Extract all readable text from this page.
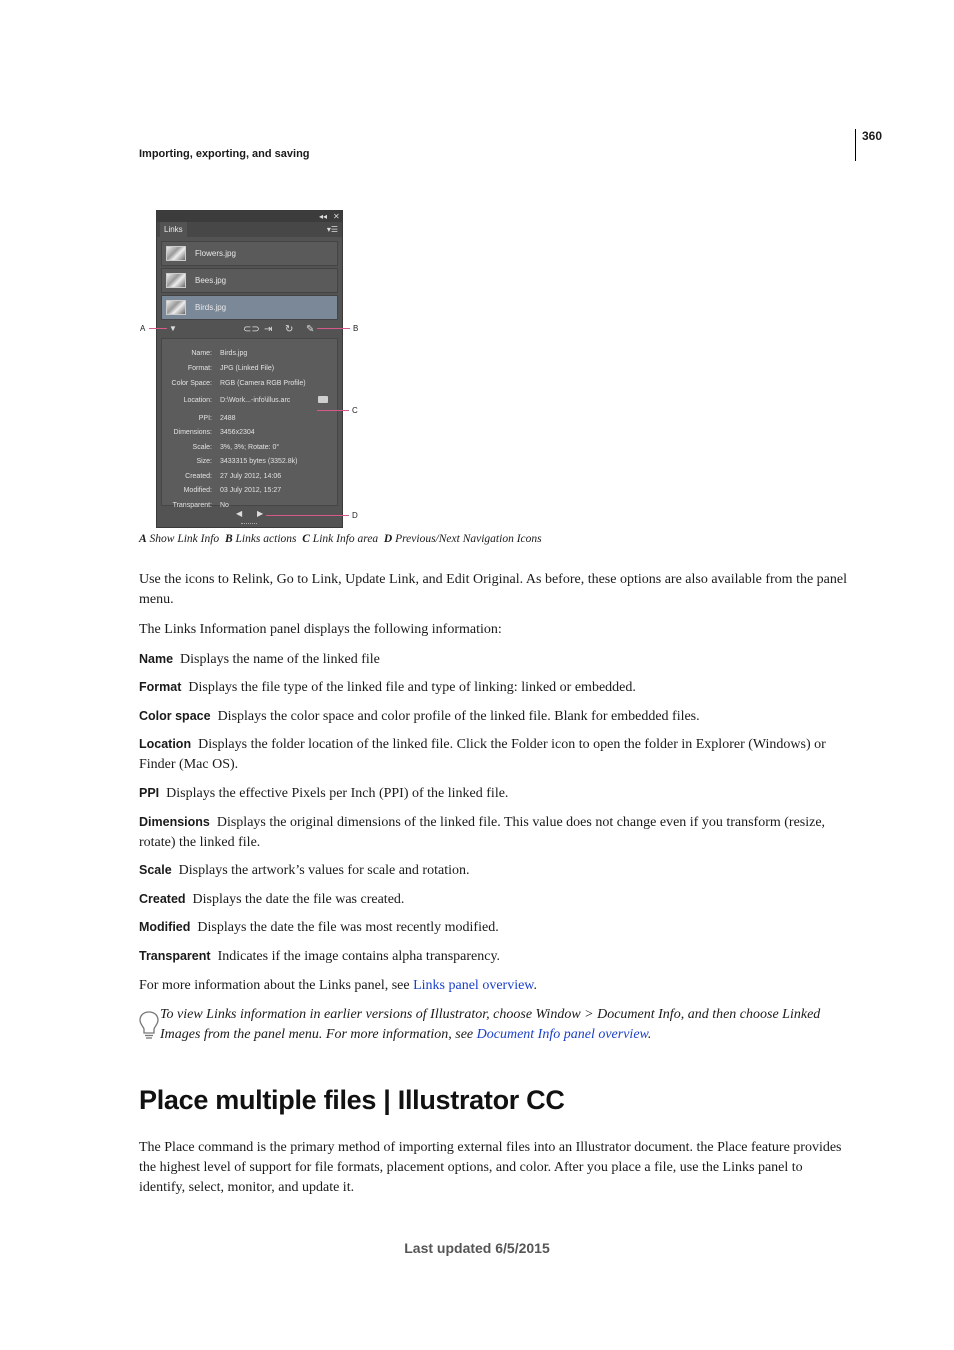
360
Importing, exporting, and saving
◂◂ ✕
Links	▾☰
Flowers.jpg
Bees.jpg
Birds.jpg
▼	⊂⊃ ⇥ ↻ ✎
Name: Birds.jpg
Format: JPG (Linked File)
Color Space: RGB (Camera RGB Profile)
Location: D:\Work...-info\illus.arc
PPI: 2488
Dimensions: 3456x2304
Scale: 3%, 3%; Rotate: 0°
Size: 3433315 bytes (3352.8k)
Created: 27 July 2012, 14:06
Modified: 03 July 2012, 15:27
Transparent: No
◀ ▶
A	B
C
D
A Show Link Info B Links actions C Link Info area D Previous/Next Navigation Icons
Use the icons to Relink, Go to Link, Update Link, and Edit Original. As before, these options are also available from the panel menu.
The Links Information panel displays the following information:
Name Displays the name of the linked file
Format Displays the file type of the linked file and type of linking: linked or embedded.
Color space Displays the color space and color profile of the linked file. Blank for embedded files.
Location Displays the folder location of the linked file. Click the Folder icon to open the folder in Explorer (Windows) or Finder (Mac OS).
PPI Displays the effective Pixels per Inch (PPI) of the linked file.
Dimensions Displays the original dimensions of the linked file. This value does not change even if you transform (resize, rotate) the linked file.
Scale Displays the artwork’s values for scale and rotation.
Created Displays the date the file was created.
Modified Displays the date the file was most recently modified.
Transparent Indicates if the image contains alpha transparency.
For more information about the Links panel, see Links panel overview.
To view Links information in earlier versions of Illustrator, choose Window > Document Info, and then choose Linked Images from the panel menu. For more information, see Document Info panel overview.
Place multiple files | Illustrator CC
The Place command is the primary method of importing external files into an Illustrator document. the Place feature provides the highest level of support for file formats, placement options, and color. After you place a file, use the Links panel to identify, select, monitor, and update it.
Last updated 6/5/2015
